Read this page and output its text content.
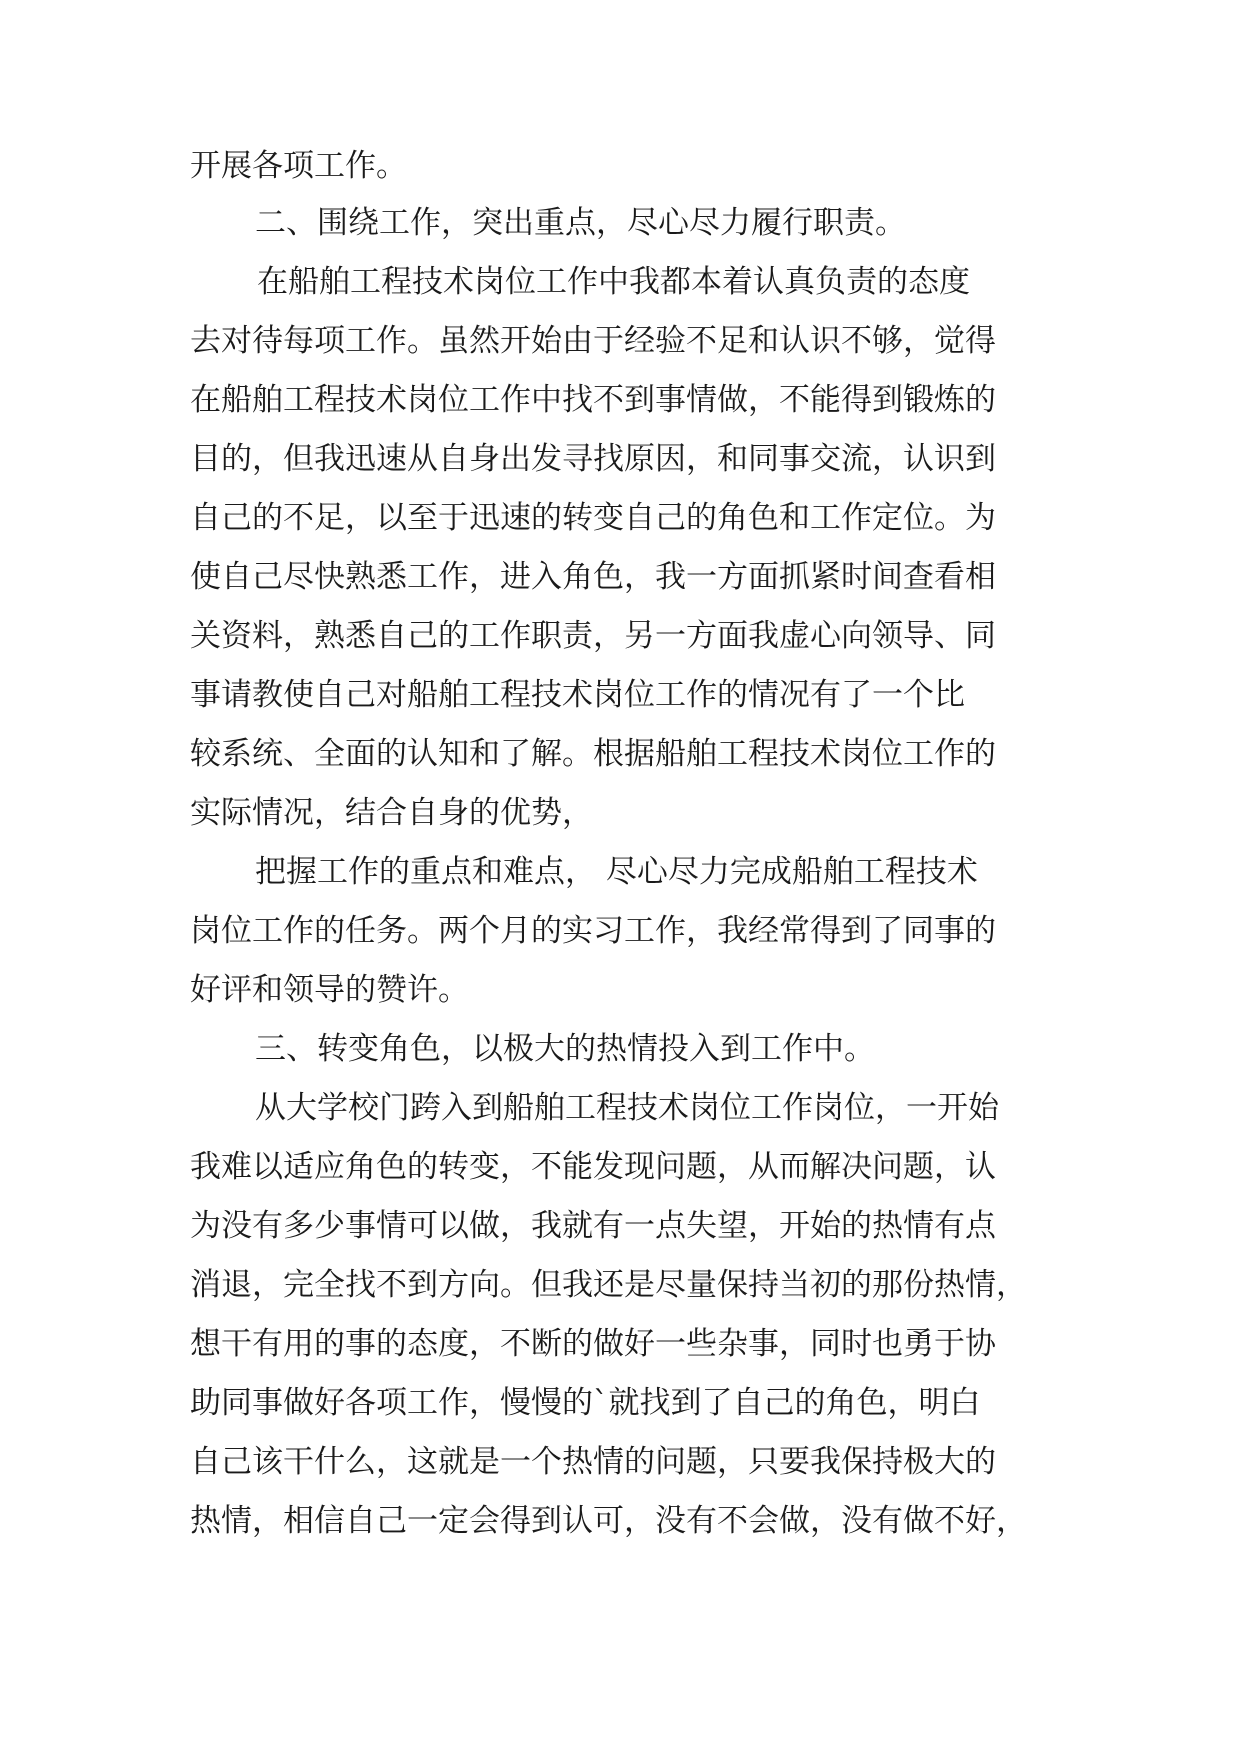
开展各项工作。
二、围绕工作，突出重点，尽心尽力履行职责。
在船舶工程技术岗位工作中我都本着认真负责的态度
去对待每项工作。虽然开始由于经验不足和认识不够，觉得
在船舶工程技术岗位工作中找不到事情做，不能得到锻炼的
目的，但我迅速从自身出发寻找原因，和同事交流，认识到
自己的不足，以至于迅速的转变自己的角色和工作定位。为
使自己尽快熟悉工作，进入角色，我一方面抓紧时间查看相
关资料，熟悉自己的工作职责，另一方面我虚心向领导、同
事请教使自己对船舶工程技术岗位工作的情况有了一个比
较系统、全面的认知和了解。根据船舶工程技术岗位工作的
实际情况，结合自身的优势，
把握工作的重点和难点， 尽心尽力完成船舶工程技术
岗位工作的任务。两个月的实习工作，我经常得到了同事的
好评和领导的赞许。
三、转变角色，以极大的热情投入到工作中。
从大学校门跨入到船舶工程技术岗位工作岗位，一开始
我难以适应角色的转变，不能发现问题，从而解决问题，认
为没有多少事情可以做，我就有一点失望，开始的热情有点
消退，完全找不到方向。但我还是尽量保持当初的那份热情，
想干有用的事的态度，不断的做好一些杂事，同时也勇于协
助同事做好各项工作，慢慢的`就找到了自己的角色，明白
自己该干什么，这就是一个热情的问题，只要我保持极大的
热情，相信自己一定会得到认可，没有不会做，没有做不好，
